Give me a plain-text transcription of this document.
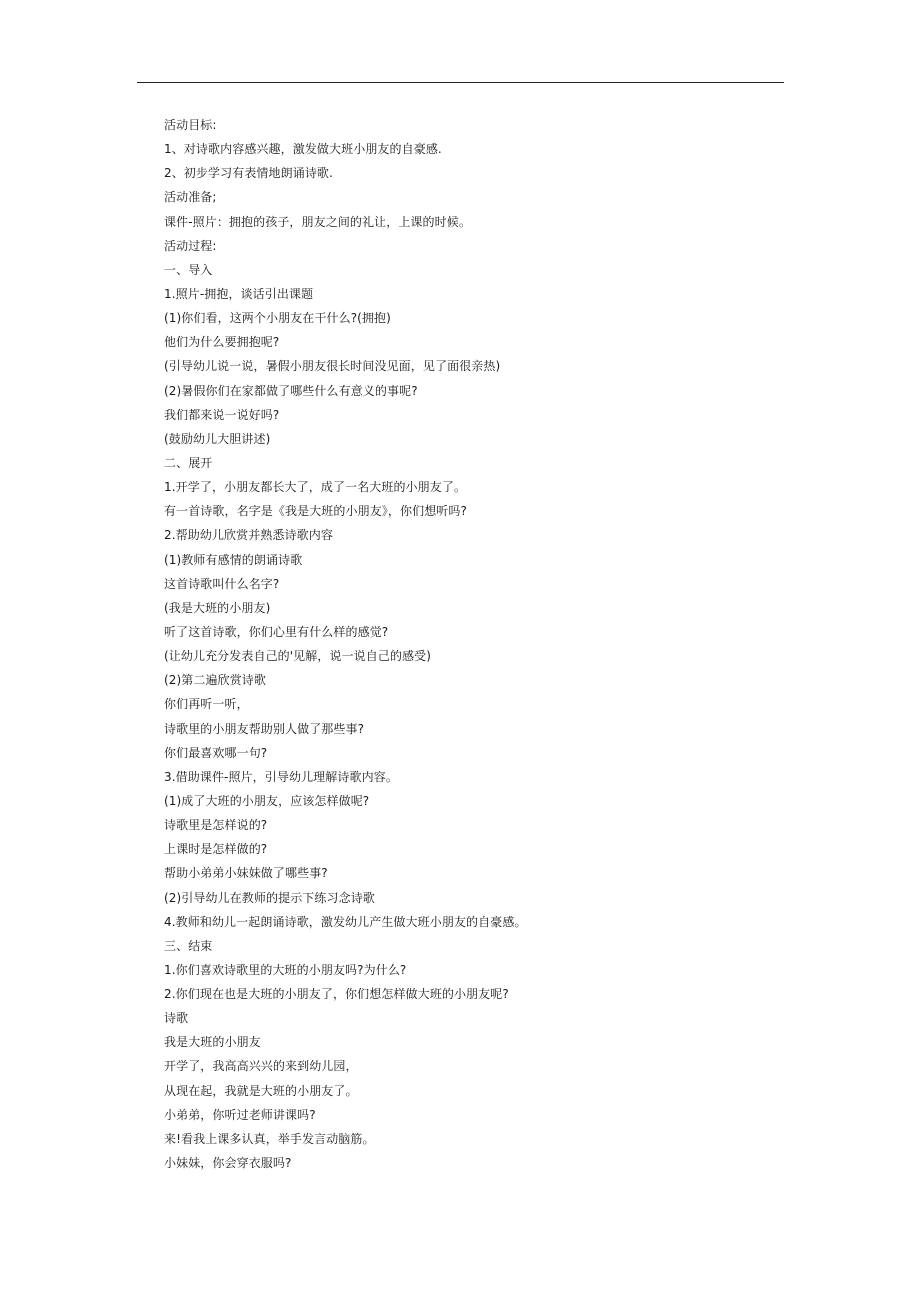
活动目标:
1、对诗歌内容感兴趣，激发做大班小朋友的自豪感.
2、初步学习有表情地朗诵诗歌.
活动准备;
课件-照片：拥抱的孩子，朋友之间的礼让，上课的时候。
活动过程:
一、导入
1.照片-拥抱，谈话引出课题
(1)你们看，这两个小朋友在干什么?(拥抱)
他们为什么要拥抱呢?
(引导幼儿说一说，暑假小朋友很长时间没见面，见了面很亲热)
(2)暑假你们在家都做了哪些什么有意义的事呢?
我们都来说一说好吗?
(鼓励幼儿大胆讲述)
二、展开
1.开学了，小朋友都长大了，成了一名大班的小朋友了。
有一首诗歌，名字是《我是大班的小朋友》，你们想听吗?
2.帮助幼儿欣赏并熟悉诗歌内容
(1)教师有感情的朗诵诗歌
这首诗歌叫什么名字?
(我是大班的小朋友)
听了这首诗歌，你们心里有什么样的感觉?
(让幼儿充分发表自己的'见解，说一说自己的感受)
(2)第二遍欣赏诗歌
你们再听一听，
诗歌里的小朋友帮助别人做了那些事?
你们最喜欢哪一句?
3.借助课件-照片，引导幼儿理解诗歌内容。
(1)成了大班的小朋友，应该怎样做呢?
诗歌里是怎样说的?
上课时是怎样做的?
帮助小弟弟小妹妹做了哪些事?
(2)引导幼儿在教师的提示下练习念诗歌
4.教师和幼儿一起朗诵诗歌，激发幼儿产生做大班小朋友的自豪感。
三、结束
1.你们喜欢诗歌里的大班的小朋友吗?为什么?
2.你们现在也是大班的小朋友了，你们想怎样做大班的小朋友呢?
诗歌
我是大班的小朋友
开学了，我高高兴兴的来到幼儿园，
从现在起，我就是大班的小朋友了。
小弟弟，你听过老师讲课吗?
来!看我上课多认真，举手发言动脑筋。
小妹妹，你会穿衣服吗?
